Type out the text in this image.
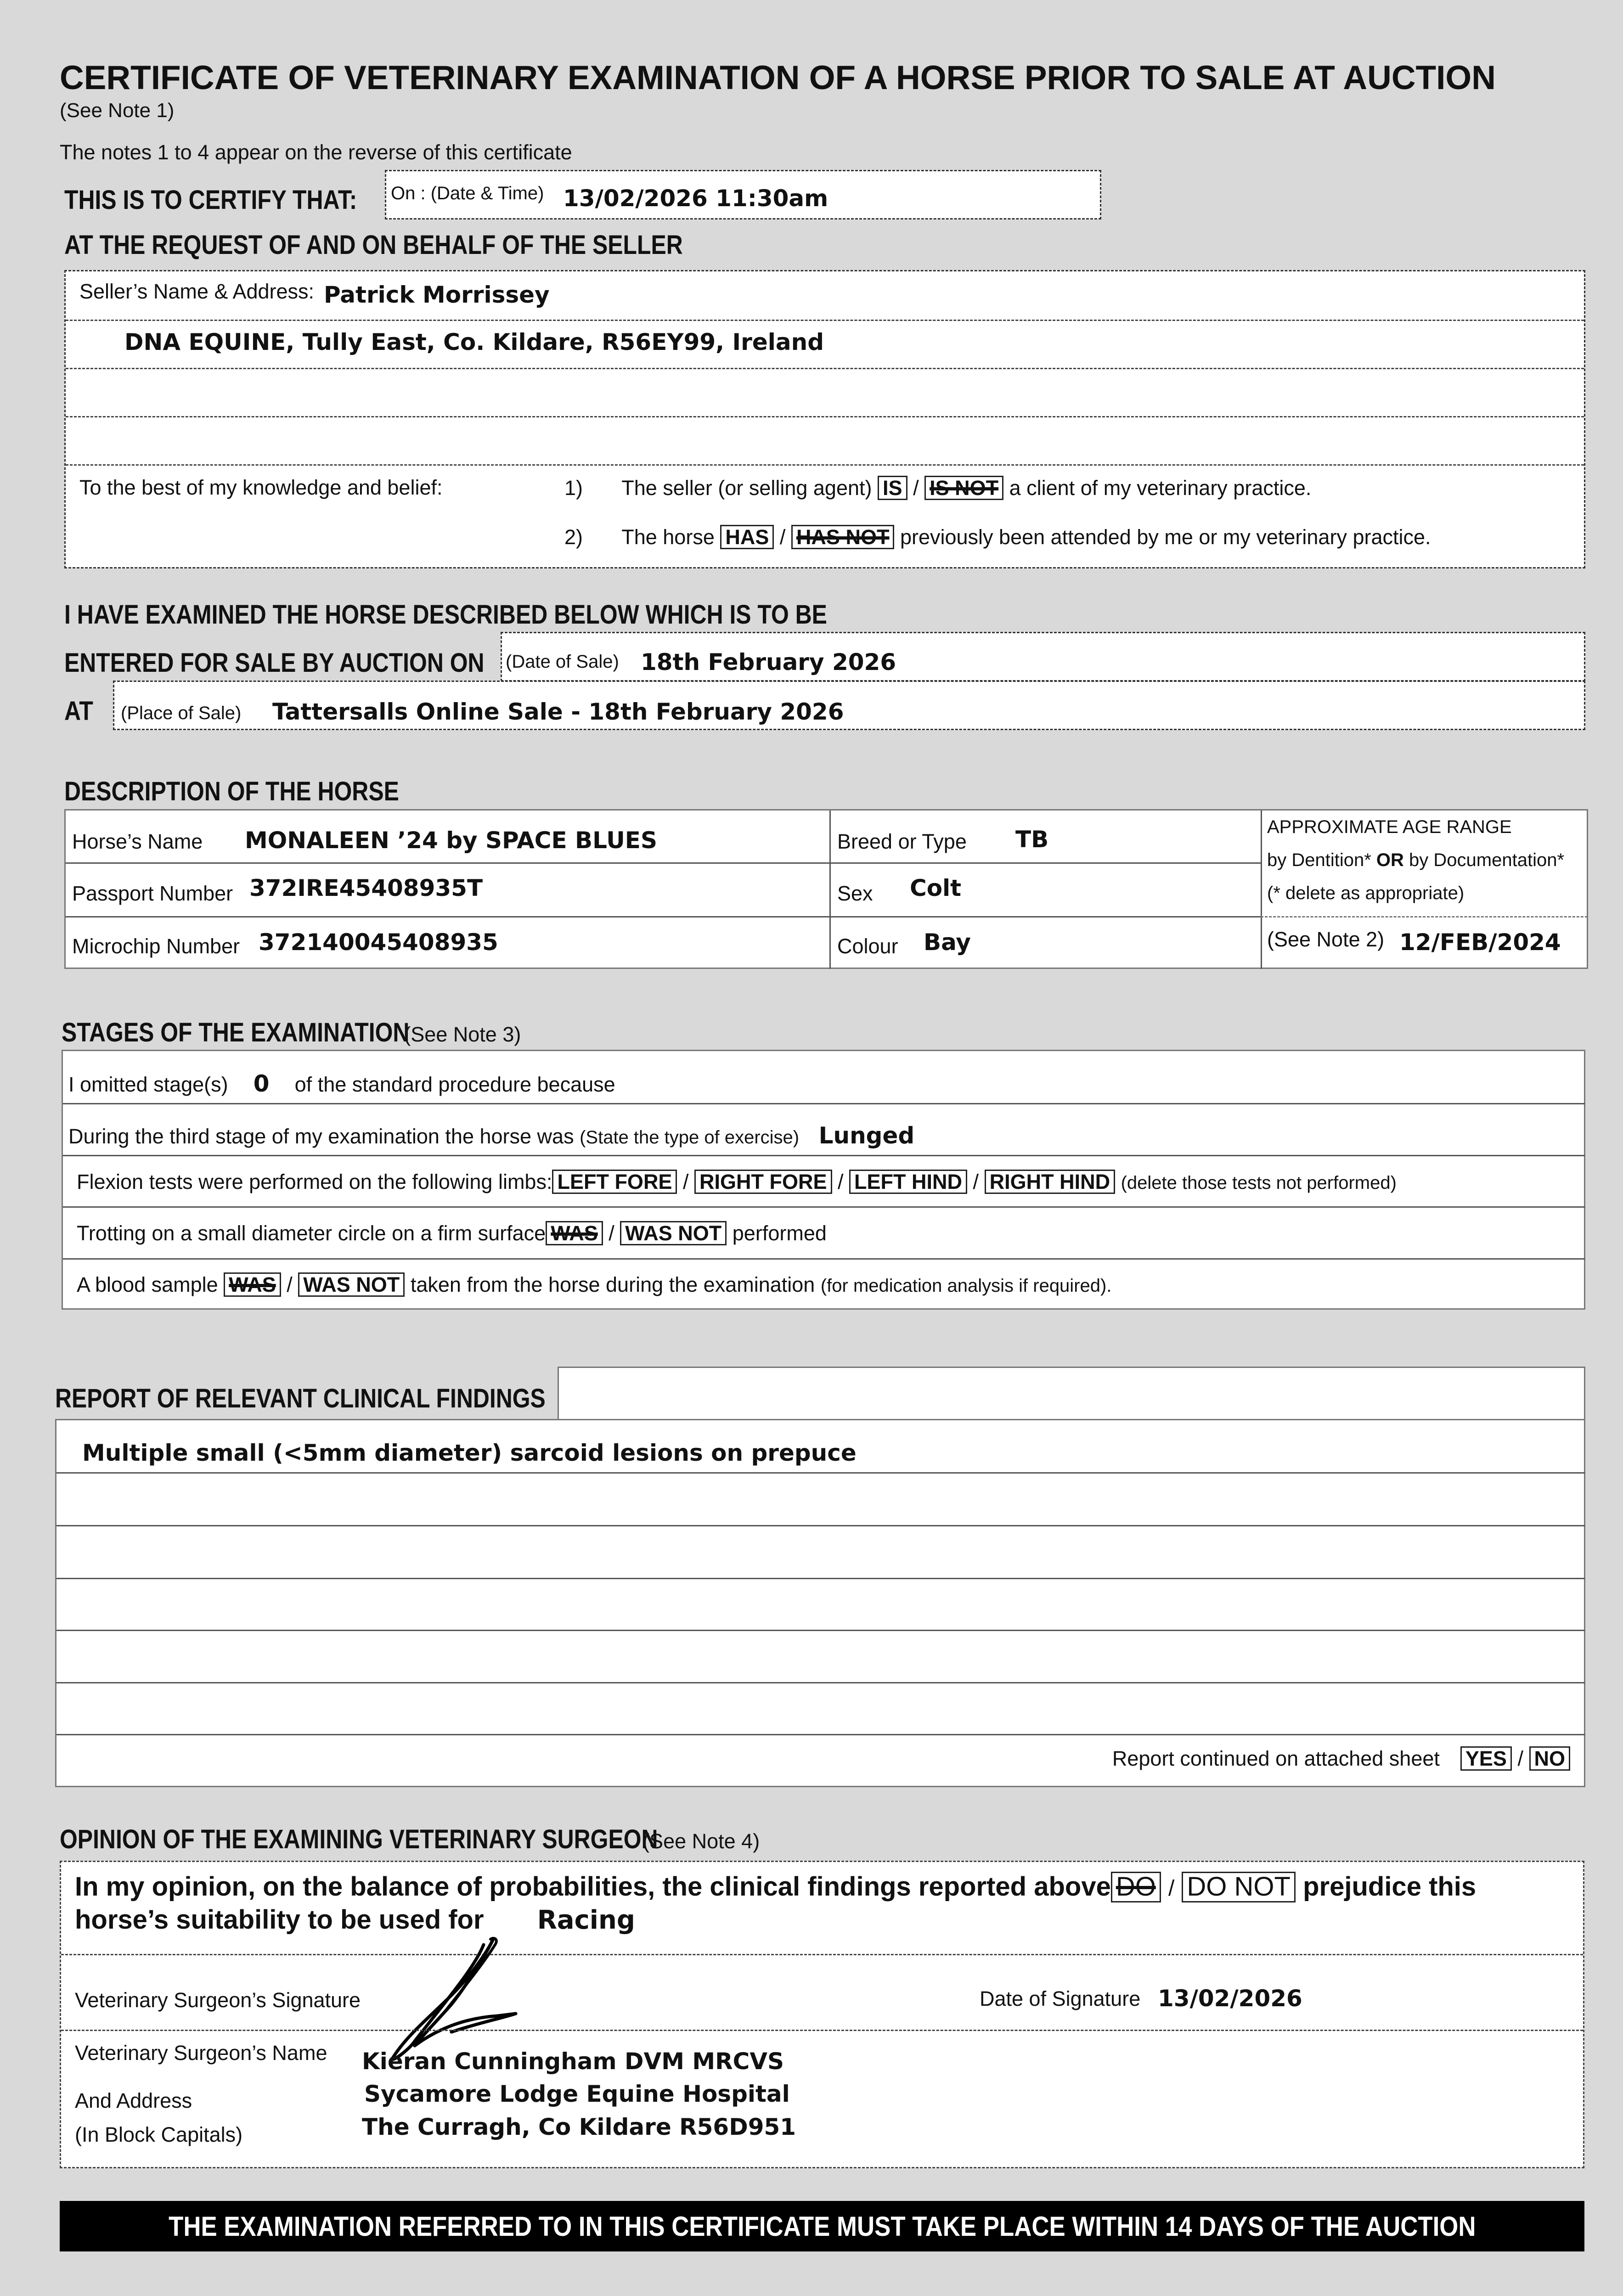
CERTIFICATE OF VETERINARY EXAMINATION OF A HORSE PRIOR TO SALE AT AUCTION
(See Note 1)
The notes 1 to 4 appear on the reverse of this certificate
THIS IS TO CERTIFY THAT: On : (Date & Time) 13/02/2026 11:30am
AT THE REQUEST OF AND ON BEHALF OF THE SELLER
Seller’s Name & Address: Patrick Morrissey
DNA EQUINE, Tully East, Co. Kildare, R56EY99, Ireland
To the best of my knowledge and belief:	1) The seller (or selling agent) IS / IS NOT a client of my veterinary practice.
2) The horse HAS / HAS NOT previously been attended by me or my veterinary practice.
I HAVE EXAMINED THE HORSE DESCRIBED BELOW WHICH IS TO BE
ENTERED FOR SALE BY AUCTION ON (Date of Sale) 18th February 2026
AT (Place of Sale) Tattersalls Online Sale - 18th February 2026
DESCRIPTION OF THE HORSE
Horse’s Name MONALEEN ’24 by SPACE BLUES
Passport Number 372IRE45408935T
Microchip Number 372140045408935
Breed or Type TB
Sex Colt
Colour Bay
APPROXIMATE AGE RANGE
by Dentition* OR by Documentation*
(* delete as appropriate)
(See Note 2) 12/FEB/2024
STAGES OF THE EXAMINATION (See Note 3)
I omitted stage(s) 0 of the standard procedure because
During the third stage of my examination the horse was (State the type of exercise) Lunged
Flexion tests were performed on the following limbs: LEFT FORE / RIGHT FORE / LEFT HIND / RIGHT HIND (delete those tests not performed)
Trotting on a small diameter circle on a firm surface WAS / WAS NOT performed
A blood sample WAS / WAS NOT taken from the horse during the examination (for medication analysis if required).
REPORT OF RELEVANT CLINICAL FINDINGS
Multiple small (<5mm diameter) sarcoid lesions on prepuce
Report continued on attached sheet YES / NO
OPINION OF THE EXAMINING VETERINARY SURGEON (See Note 4)
In my opinion, on the balance of probabilities, the clinical findings reported above DO / DO NOT prejudice this
horse’s suitability to be used for Racing
Veterinary Surgeon’s Signature	Date of Signature 13/02/2026
Veterinary Surgeon’s Name
And Address
(In Block Capitals)
Kieran Cunningham DVM MRCVS
Sycamore Lodge Equine Hospital
The Curragh, Co Kildare R56D951
THE EXAMINATION REFERRED TO IN THIS CERTIFICATE MUST TAKE PLACE WITHIN 14 DAYS OF THE AUCTION
